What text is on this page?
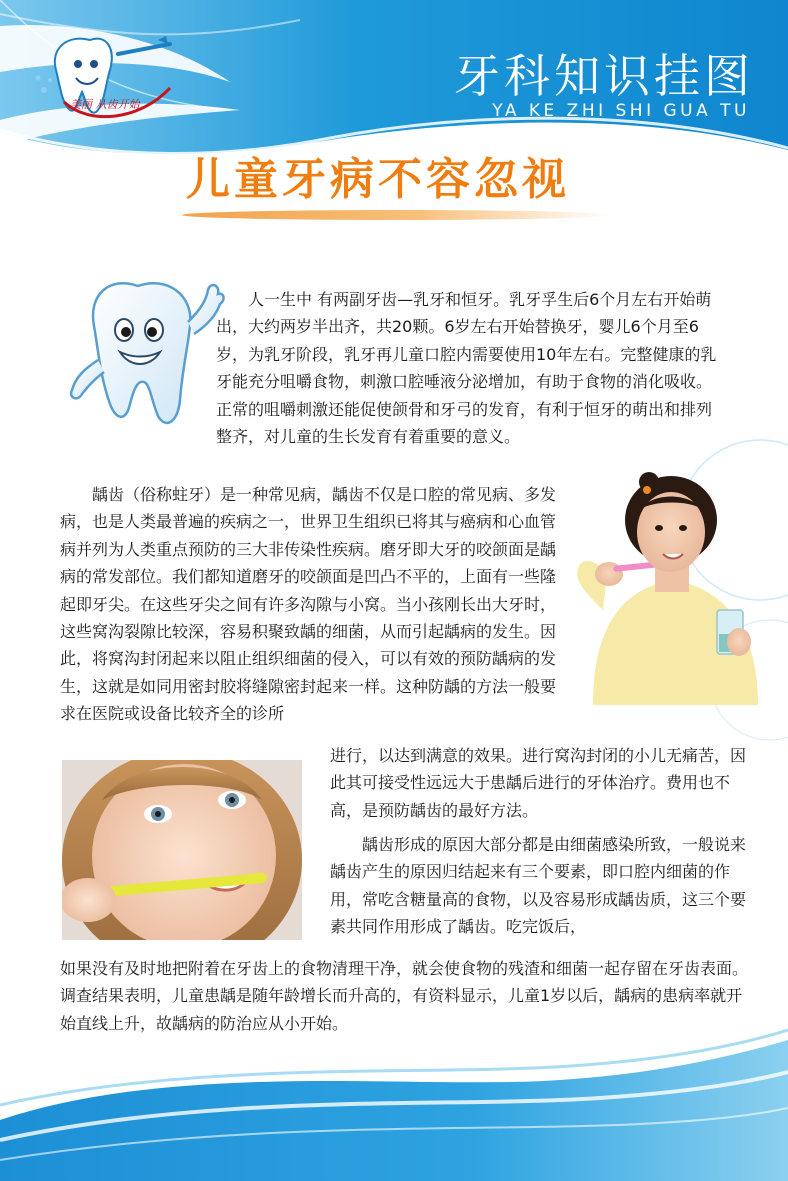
美丽 从齿开始
牙科知识挂图
YA KE ZHI SHI GUA TU
儿童牙病不容忽视

人一生中 有两副牙齿—乳牙和恒牙。乳牙孚生后6个月左右开始萌出，大约两岁半出齐，共20颗。6岁左右开始替换牙，婴儿6个月至6岁，为乳牙阶段，乳牙再儿童口腔内需要使用10年左右。完整健康的乳牙能充分咀嚼食物，刺激口腔唾液分泌增加，有助于食物的消化吸收。正常的咀嚼刺激还能促使颌骨和牙弓的发育，有利于恒牙的萌出和排列整齐，对儿童的生长发育有着重要的意义。

龋齿（俗称蛀牙）是一种常见病，龋齿不仅是口腔的常见病、多发病，也是人类最普遍的疾病之一，世界卫生组织已将其与癌病和心血管病并列为人类重点预防的三大非传染性疾病。磨牙即大牙的咬颌面是龋病的常发部位。我们都知道磨牙的咬颌面是凹凸不平的，上面有一些隆起即牙尖。在这些牙尖之间有许多沟隙与小窝。当小孩刚长出大牙时，这些窝沟裂隙比较深，容易积聚致龋的细菌，从而引起龋病的发生。因此，将窝沟封闭起来以阻止组织细菌的侵入，可以有效的预防龋病的发生，这就是如同用密封胶将缝隙密封起来一样。这种防龋的方法一般要求在医院或设备比较齐全的诊所

进行，以达到满意的效果。进行窝沟封闭的小儿无痛苦，因此其可接受性远远大于患龋后进行的牙体治疗。费用也不高，是预防龋齿的最好方法。

龋齿形成的原因大部分都是由细菌感染所致，一般说来龋齿产生的原因归结起来有三个要素，即口腔内细菌的作用，常吃含糖量高的食物，以及容易形成龋齿质，这三个要素共同作用形成了龋齿。吃完饭后，

如果没有及时地把附着在牙齿上的食物清理干净，就会使食物的残渣和细菌一起存留在牙齿表面。调查结果表明，儿童患龋是随年龄增长而升高的，有资料显示，儿童1岁以后，龋病的患病率就开始直线上升，故龋病的防治应从小开始。
